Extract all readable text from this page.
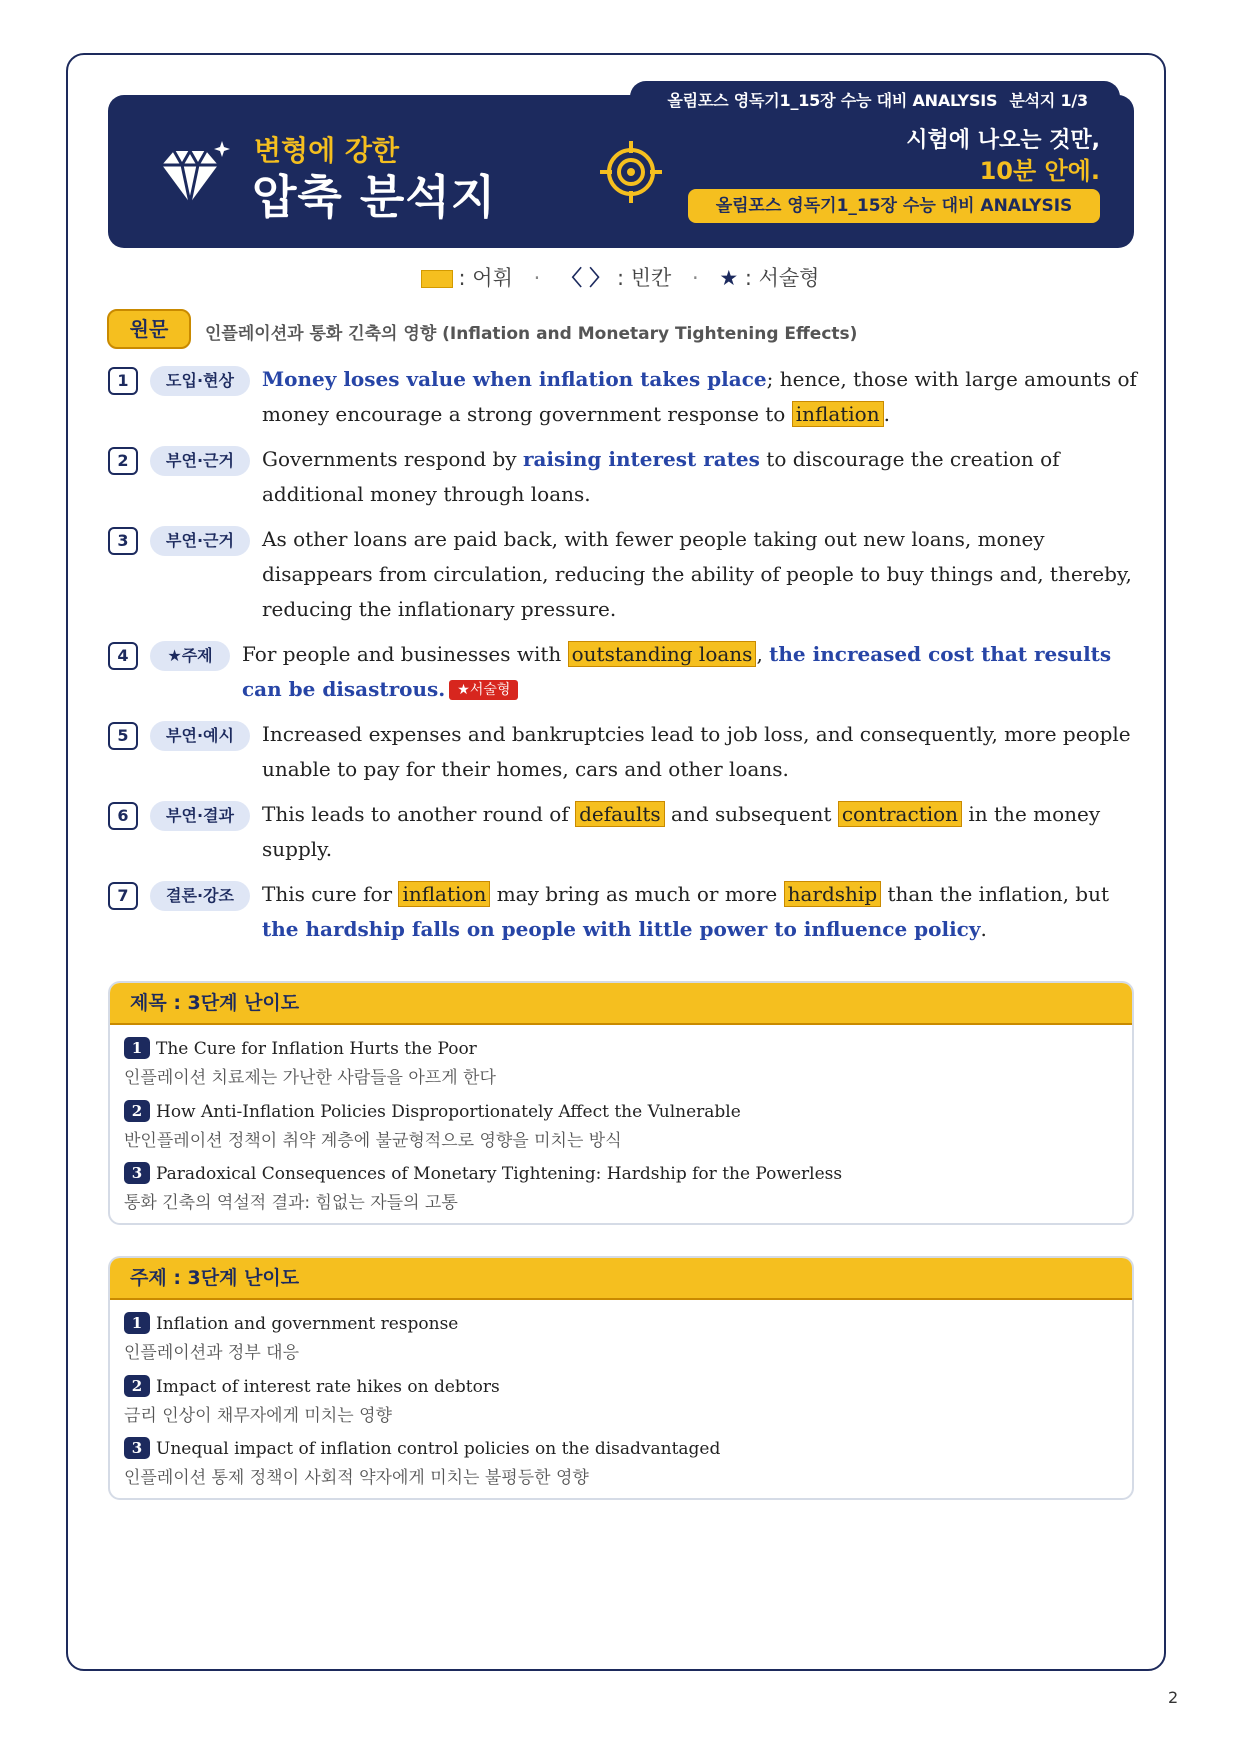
올림포스 영독기1_15장 수능 대비 ANALYSIS 분석지 1/3
변형에 강한
압축 분석지
시험에 나오는 것만,
10분 안에.
올림포스 영독기1_15장 수능 대비 ANALYSIS
: 어휘 · 〈 〉 : 빈칸 · ★ : 서술형
원문	인플레이션과 통화 긴축의 영향 (Inflation and Monetary Tightening Effects)
1	도입·현상	Money loses value when inflation takes place; hence, those with large amounts of money encourage a strong government response to inflation .
2	부연·근거	Governments respond by raising interest rates to discourage the creation of additional money through loans.
3	부연·근거	As other loans are paid back, with fewer people taking out new loans, money disappears from circulation, reducing the ability of people to buy things and, thereby, reducing the inflationary pressure.
4	★주제	For people and businesses with outstanding loans , the increased cost that results can be disastrous. ★서술형
5	부연·예시	Increased expenses and bankruptcies lead to job loss, and consequently, more people unable to pay for their homes, cars and other loans.
6	부연·결과	This leads to another round of defaults and subsequent contraction in the money supply.
7	결론·강조	This cure for inflation may bring as much or more hardship than the inflation, but the hardship falls on people with little power to influence policy.
제목 : 3단계 난이도
1 The Cure for Inflation Hurts the Poor
인플레이션 치료제는 가난한 사람들을 아프게 한다
2 How Anti-Inflation Policies Disproportionately Affect the Vulnerable
반인플레이션 정책이 취약 계층에 불균형적으로 영향을 미치는 방식
3 Paradoxical Consequences of Monetary Tightening: Hardship for the Powerless
통화 긴축의 역설적 결과: 힘없는 자들의 고통
주제 : 3단계 난이도
1 Inflation and government response
인플레이션과 정부 대응
2 Impact of interest rate hikes on debtors
금리 인상이 채무자에게 미치는 영향
3 Unequal impact of inflation control policies on the disadvantaged
인플레이션 통제 정책이 사회적 약자에게 미치는 불평등한 영향
2
